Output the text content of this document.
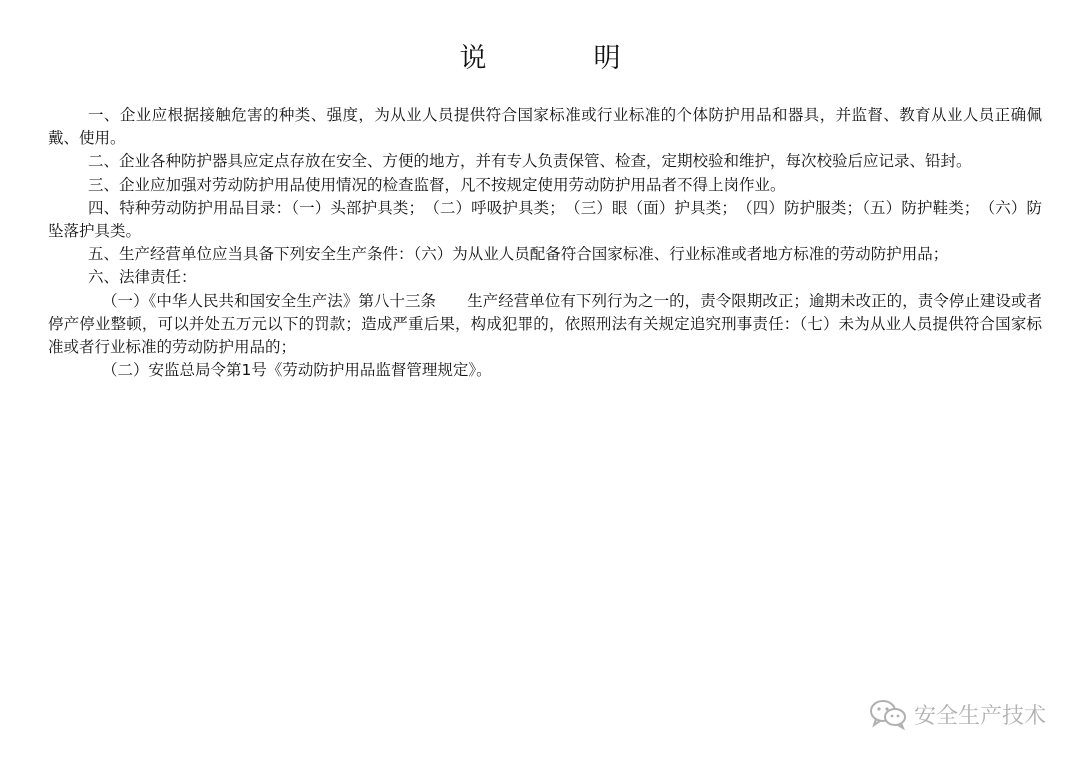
说　明

一、企业应根据接触危害的种类、强度，为从业人员提供符合国家标准或行业标准的个体防护用品和器具，并监督、教育从业人员正确佩戴、使用。

二、企业各种防护器具应定点存放在安全、方便的地方，并有专人负责保管、检查，定期校验和维护，每次校验后应记录、铅封。

三、企业应加强对劳动防护用品使用情况的检查监督，凡不按规定使用劳动防护用品者不得上岗作业。

四、特种劳动防护用品目录：（一）头部护具类；　（二）呼吸护具类；　（三）眼（面）护具类；　（四）防护服类；（五）防护鞋类；　（六）防坠落护具类。

五、生产经营单位应当具备下列安全生产条件：（六）为从业人员配备符合国家标准、行业标准或者地方标准的劳动防护用品；

六、法律责任：

（一）《中华人民共和国安全生产法》第八十三条　　生产经营单位有下列行为之一的，责令限期改正；逾期未改正的，责令停止建设或者停产停业整顿，可以并处五万元以下的罚款；造成严重后果，构成犯罪的，依照刑法有关规定追究刑事责任：（七）未为从业人员提供符合国家标准或者行业标准的劳动防护用品的；

（二）安监总局令第1号《劳动防护用品监督管理规定》。

安全生产技术
